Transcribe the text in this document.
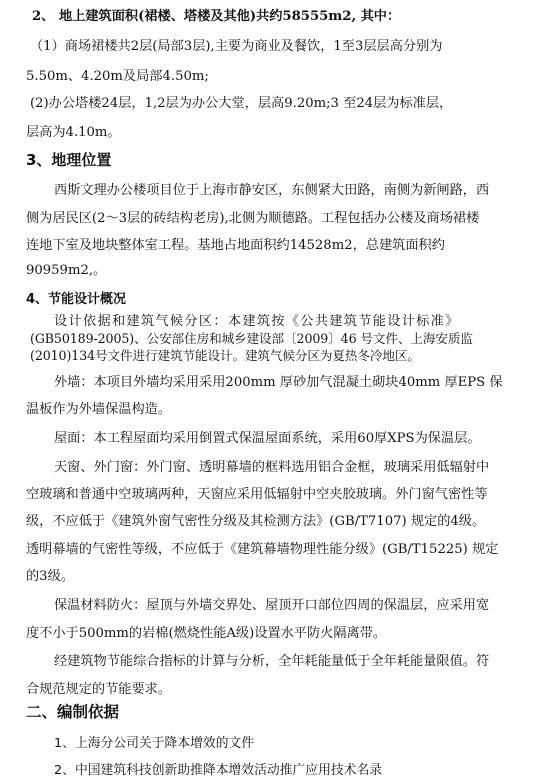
2、 地上建筑面积(裙楼、塔楼及其他)共约58555m2, 其中：
（1）商场裙楼共2层(局部3层),主要为商业及餐饮，1至3层层高分别为
5.50m、4.20m及局部4.50m;
(2)办公塔楼24层，1,2层为办公大堂，层高9.20m;3 至24层为标准层，
层高为4.10m。
3、地理位置
西斯文理办公楼项目位于上海市静安区，东侧紧大田路，南侧为新闸路，西
侧为居民区(2～3层的砖结构老房),北侧为顺德路。工程包括办公楼及商场裙楼
连地下室及地块整体室工程。基地占地面积约14528m2，总建筑面积约
90959m2,。
4、节能设计概况
设计依据和建筑气候分区：本建筑按《公共建筑节能设计标准》
(GB50189-2005)、公安部住房和城乡建设部〔2009〕46 号文件、上海安质监
(2010)134号文件进行建筑节能设计。建筑气候分区为夏热冬冷地区。
外墙：本项目外墙均采用采用200mm 厚砂加气混凝土砌块40mm 厚EPS 保
温板作为外墙保温构造。
屋面：本工程屋面均采用倒置式保温屋面系统，采用60厚XPS为保温层。
天窗、外门窗：外门窗、透明幕墙的框料选用铝合金框，玻璃采用低辐射中
空玻璃和普通中空玻璃两种，天窗应采用低辐射中空夹胶玻璃。外门窗气密性等
级，不应低于《建筑外窗气密性分级及其检测方法》(GB/T7107) 规定的4级。
透明幕墙的气密性等级，不应低于《建筑幕墙物理性能分级》(GB/T15225) 规定
的3级。
保温材料防火：屋顶与外墙交界处、屋顶开口部位四周的保温层，应采用宽
度不小于500mm的岩棉(燃烧性能A级)设置水平防火隔离带。
经建筑物节能综合指标的计算与分析，全年耗能量低于全年耗能量限值。符
合规范规定的节能要求。
二、编制依据
1、上海分公司关于降本增效的文件
2、中国建筑科技创新助推降本增效活动推广应用技术名录
